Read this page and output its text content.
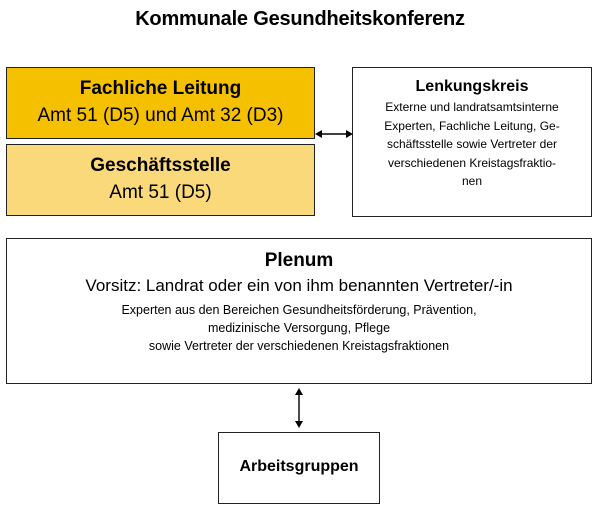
Kommunale Gesundheitskonferenz
Fachliche Leitung
Amt 51 (D5) und Amt 32 (D3)
Geschäftsstelle
Amt 51 (D5)
Lenkungskreis
Externe und landratsamtsinterne
Experten, Fachliche Leitung, Ge-
schäftsstelle sowie Vertreter der
verschiedenen Kreistagsfraktio-
nen
Plenum
Vorsitz: Landrat oder ein von ihm benannten Vertreter/-in
Experten aus den Bereichen Gesundheitsförderung, Prävention,
medizinische Versorgung, Pflege
sowie Vertreter der verschiedenen Kreistagsfraktionen
Arbeitsgruppen
